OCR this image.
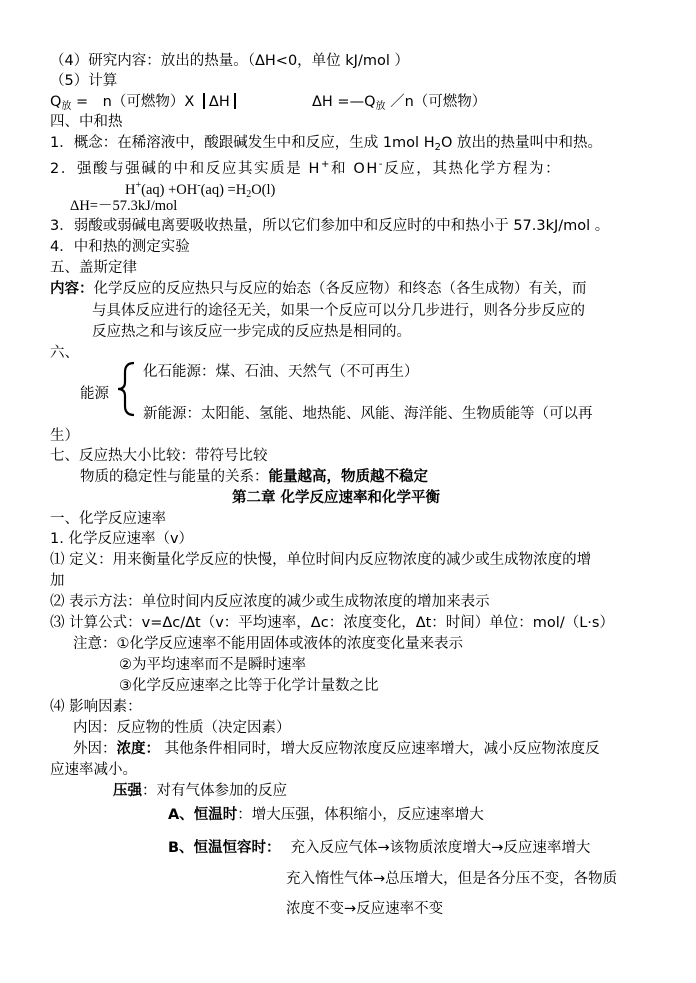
（4）研究内容：放出的热量。（ΔH<0，单位 kJ/mol ）
（5）计算
$Q_放$ =　n（可燃物）X ΔH	$\Delta H =—Q_放$ ／n（可燃物）
四、中和热
1．概念：在稀溶液中，酸跟碱发生中和反应，生成 1mol $H_2O$ 放出的热量叫中和热。
2．强酸与强碱的中和反应其实质是 H+和 OH-反应，其热化学方程为：
$H^+(aq) +OH^-(aq) =H_2O(l)$
ΔH=－57.3kJ/mol
3．弱酸或弱碱电离要吸收热量，所以它们参加中和反应时的中和热小于 57.3kJ/mol 。
4．中和热的测定实验
五、盖斯定律
内容：化学反应的反应热只与反应的始态（各反应物）和终态（各生成物）有关，而
与具体反应进行的途径无关，如果一个反应可以分几步进行，则各分步反应的
反应热之和与该反应一步完成的反应热是相同的。
六、
化石能源：煤、石油、天然气（不可再生）
能源
新能源：太阳能、氢能、地热能、风能、海洋能、生物质能等（可以再
生）
七、反应热大小比较：带符号比较
物质的稳定性与能量的关系：能量越高，物质越不稳定
第二章 化学反应速率和化学平衡
一、化学反应速率
1. 化学反应速率（v）
⑴ 定义：用来衡量化学反应的快慢，单位时间内反应物浓度的减少或生成物浓度的增
加
⑵ 表示方法：单位时间内反应浓度的减少或生成物浓度的增加来表示
⑶ 计算公式：v=Δc/Δt（v：平均速率，Δc：浓度变化，Δt：时间）单位：mol/（L·s）
注意：①化学反应速率不能用固体或液体的浓度变化量来表示
②为平均速率而不是瞬时速率
③化学反应速率之比等于化学计量数之比
⑷ 影响因素：
内因：反应物的性质（决定因素）
外因：浓度： 其他条件相同时，增大反应物浓度反应速率增大，减小反应物浓度反
应速率减小。
压强：对有气体参加的反应
A、恒温时：增大压强，体积缩小，反应速率增大
B、恒温恒容时： 充入反应气体→该物质浓度增大→反应速率增大
充入惰性气体→总压增大，但是各分压不变，各物质
浓度不变→反应速率不变
